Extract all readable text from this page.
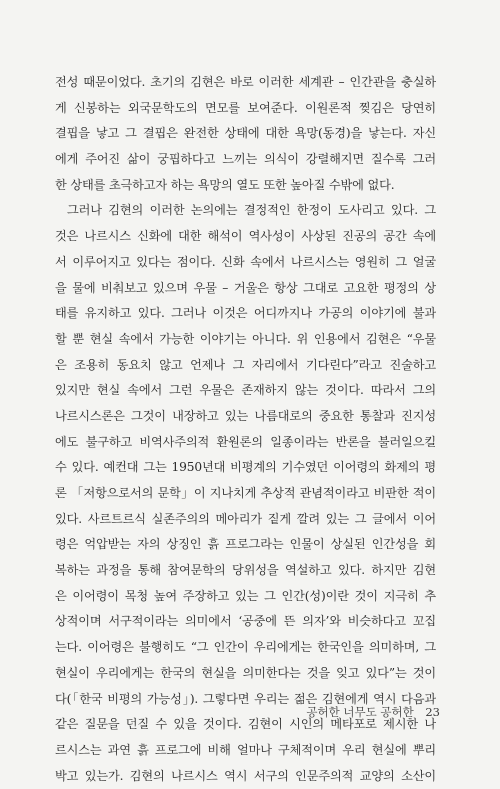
전성 때문이었다. 초기의 김현은 바로 이러한 세계관 – 인간관을 충실하
게 신봉하는 외국문학도의 면모를 보여준다. 이원론적 찢김은 당연히
결핍을 낳고 그 결핍은 완전한 상태에 대한 욕망(동경)을 낳는다. 자신
에게 주어진 삶이 궁핍하다고 느끼는 의식이 강렬해지면 질수록 그러
한 상태를 초극하고자 하는 욕망의 열도 또한 높아질 수밖에 없다.
그러나 김현의 이러한 논의에는 결정적인 한정이 도사리고 있다. 그
것은 나르시스 신화에 대한 해석이 역사성이 사상된 진공의 공간 속에
서 이루어지고 있다는 점이다. 신화 속에서 나르시스는 영원히 그 얼굴
을 물에 비춰보고 있으며 우물 – 거울은 항상 그대로 고요한 평정의 상
태를 유지하고 있다. 그러나 이것은 어디까지나 가공의 이야기에 불과
할 뿐 현실 속에서 가능한 이야기는 아니다. 위 인용에서 김현은 “우물
은 조용히 동요치 않고 언제나 그 자리에서 기다린다”라고 진술하고
있지만 현실 속에서 그런 우물은 존재하지 않는 것이다. 따라서 그의
나르시스론은 그것이 내장하고 있는 나름대로의 중요한 통찰과 진지성
에도 불구하고 비역사주의적 환원론의 일종이라는 반론을 불러일으킬
수 있다. 예컨대 그는 1950년대 비평계의 기수였던 이어령의 화제의 평
론 「저항으로서의 문학」이 지나치게 추상적 관념적이라고 비판한 적이
있다. 사르트르식 실존주의의 메아리가 짙게 깔려 있는 그 글에서 이어
령은 억압받는 자의 상징인 흙 프로그라는 인물이 상실된 인간성을 회
복하는 과정을 통해 참여문학의 당위성을 역설하고 있다. 하지만 김현
은 이어령이 목청 높여 주장하고 있는 그 인간(성)이란 것이 지극히 추
상적이며 서구적이라는 의미에서 ‘공중에 뜬 의자’와 비슷하다고 꼬집
는다. 이어령은 불행히도 “그 인간이 우리에게는 한국인을 의미하며, 그
현실이 우리에게는 한국의 현실을 의미한다는 것을 잊고 있다”는 것이
다(「한국 비평의 가능성」). 그렇다면 우리는 젊은 김현에게 역시 다음과
같은 질문을 던질 수 있을 것이다. 김현이 시인의 메타포로 제시한 나
르시스는 과연 흙 프로그에 비해 얼마나 구체적이며 우리 현실에 뿌리
박고 있는가. 김현의 나르시스 역시 서구의 인문주의적 교양의 소산이
공허한 너무도 공허한 23
